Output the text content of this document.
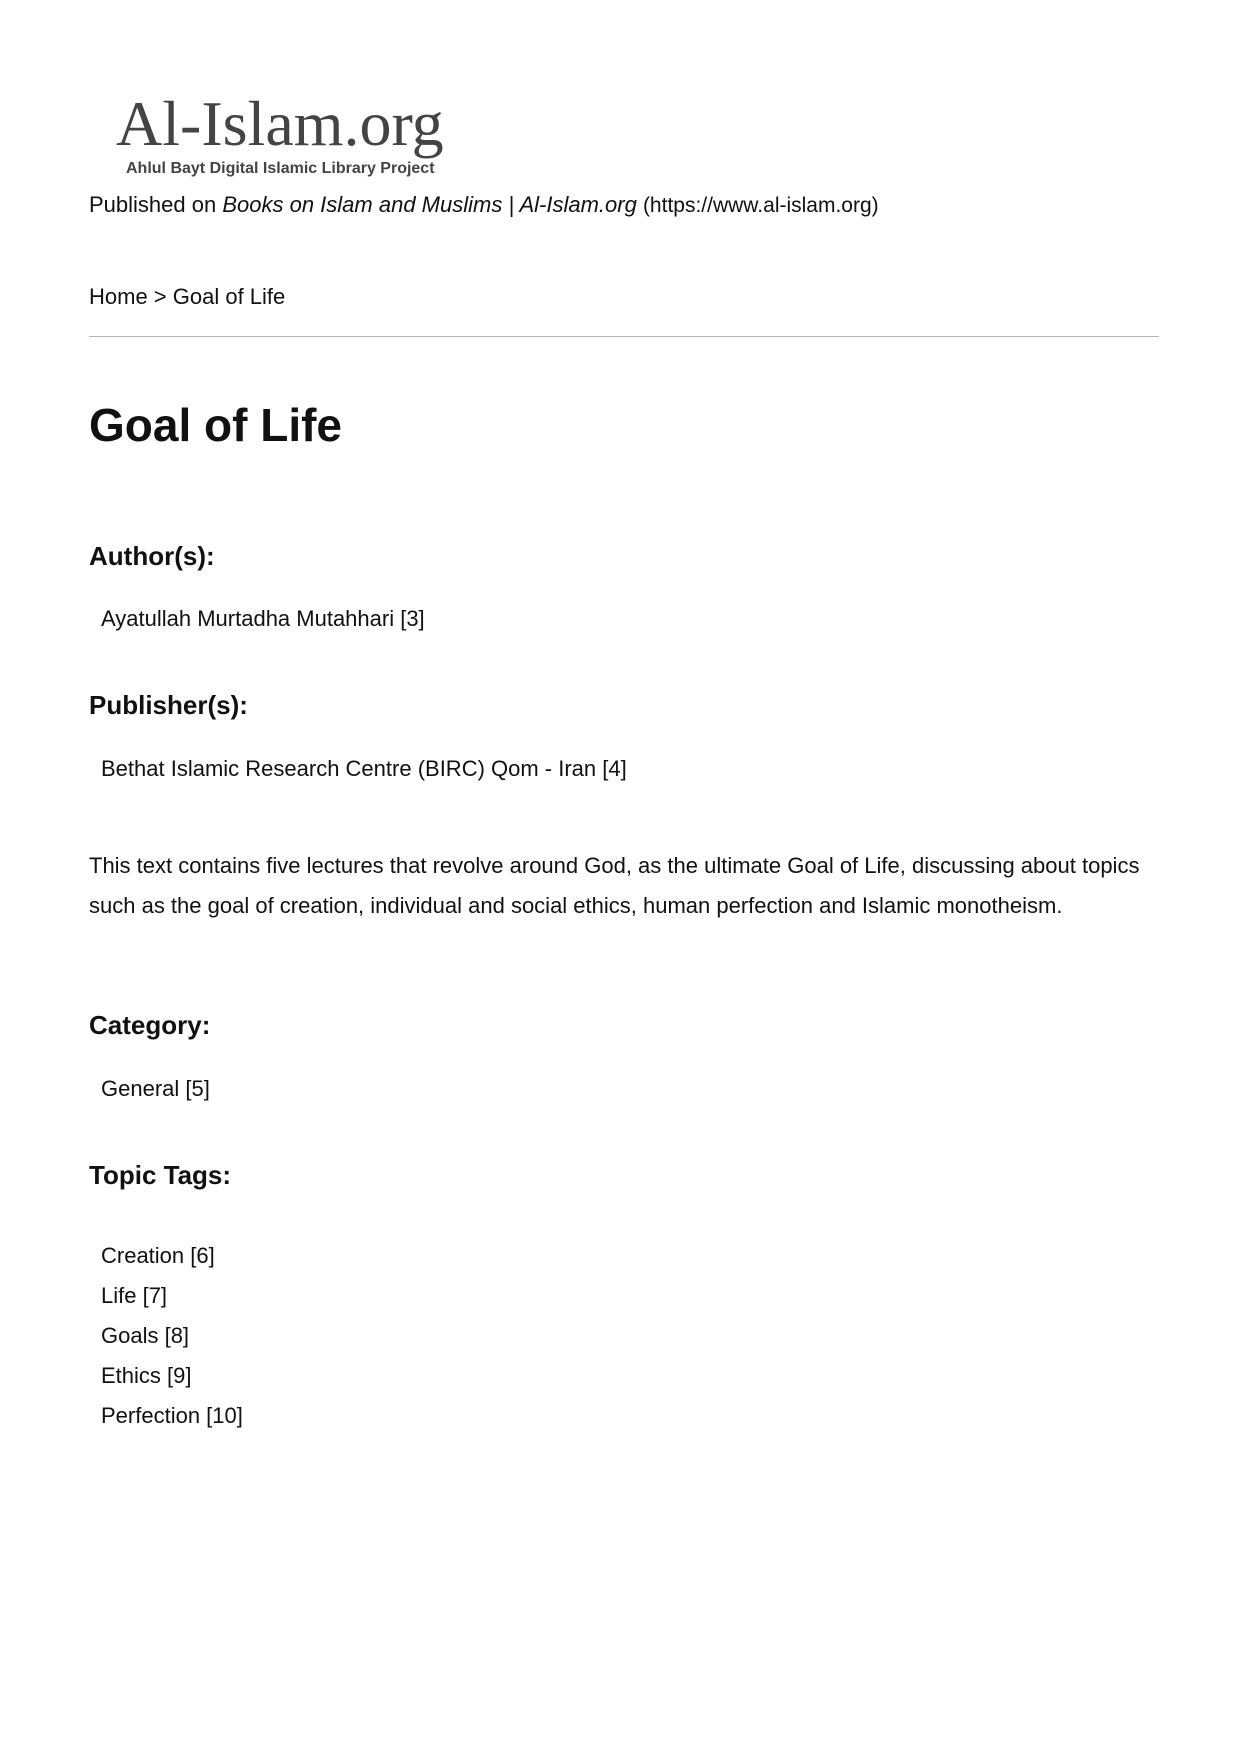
Al-Islam.org
Ahlul Bayt Digital Islamic Library Project
Published on Books on Islam and Muslims | Al-Islam.org (https://www.al-islam.org)
Home > Goal of Life
Goal of Life
Author(s):
Ayatullah Murtadha Mutahhari [3]
Publisher(s):
Bethat Islamic Research Centre (BIRC) Qom - Iran [4]

This text contains five lectures that revolve around God, as the ultimate Goal of Life, discussing about topics such as the goal of creation, individual and social ethics, human perfection and Islamic monotheism.

Category:
General [5]
Topic Tags:
Creation [6]
Life [7]
Goals [8]
Ethics [9]
Perfection [10]
